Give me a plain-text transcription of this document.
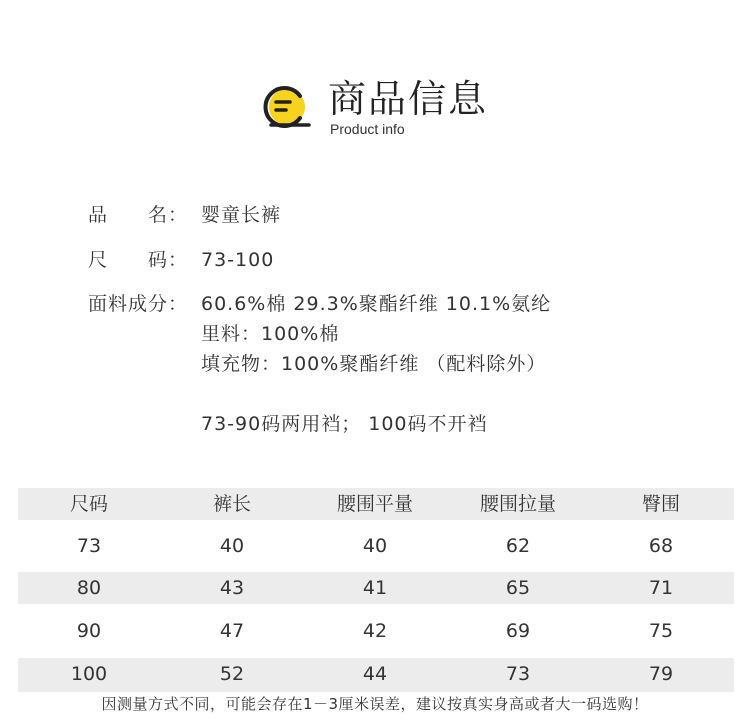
商品信息
Product info
品　　名： 婴童长裤
尺　　码： 73-100
面料成分： 60.6%棉 29.3%聚酯纤维 10.1%氨纶
里料：100%棉
填充物：100%聚酯纤维 （配料除外）
73-90码两用裆； 100码不开裆
尺码	裤长	腰围平量	腰围拉量	臀围
73	40	40	62	68
80	43	41	65	71
90	47	42	69	75
100	52	44	73	79
因测量方式不同，可能会存在1－3厘米误差，建议按真实身高或者大一码选购！
